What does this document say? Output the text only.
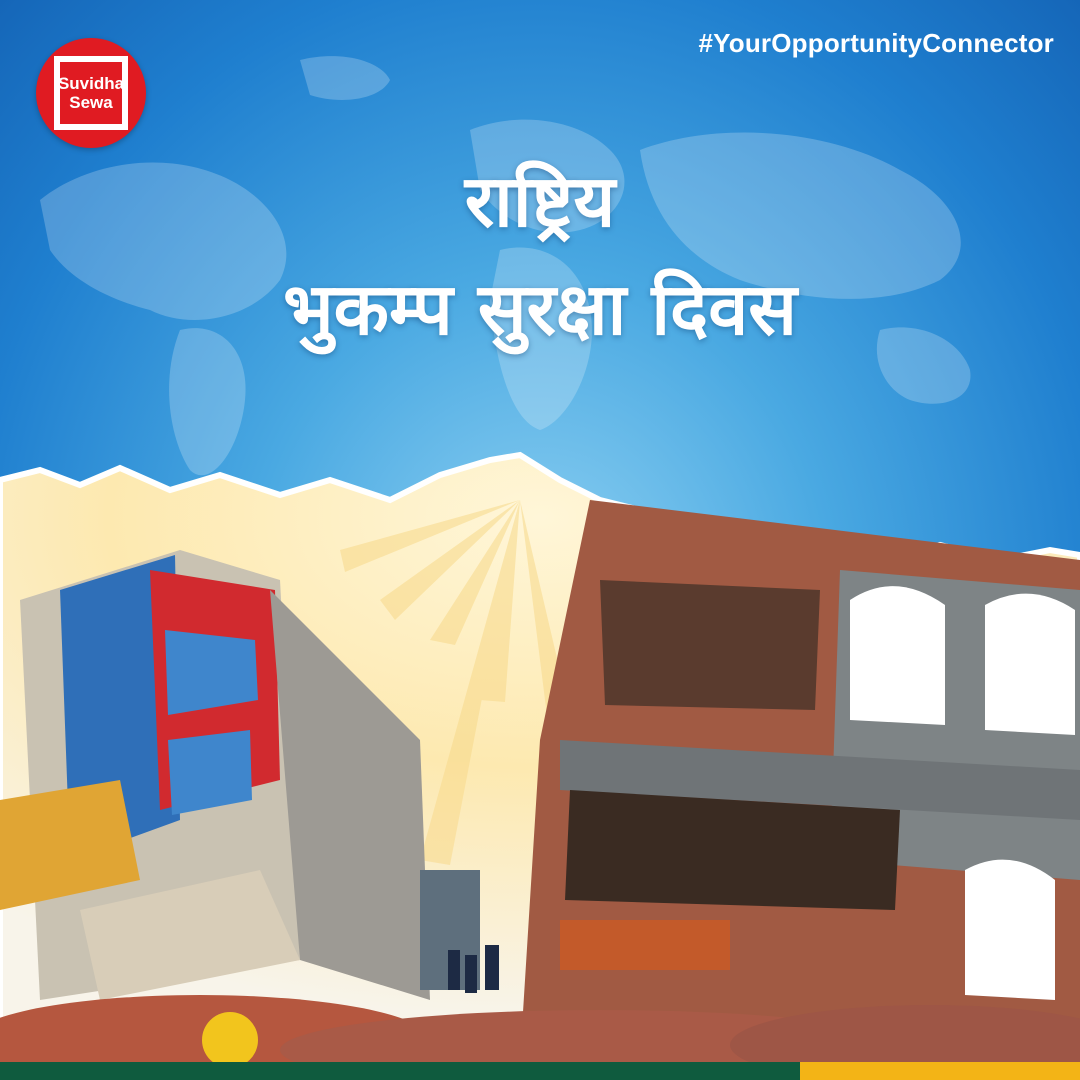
Suvidha
Sewa
#YourOpportunityConnector
राष्ट्रिय
भुकम्प सुरक्षा दिवस
